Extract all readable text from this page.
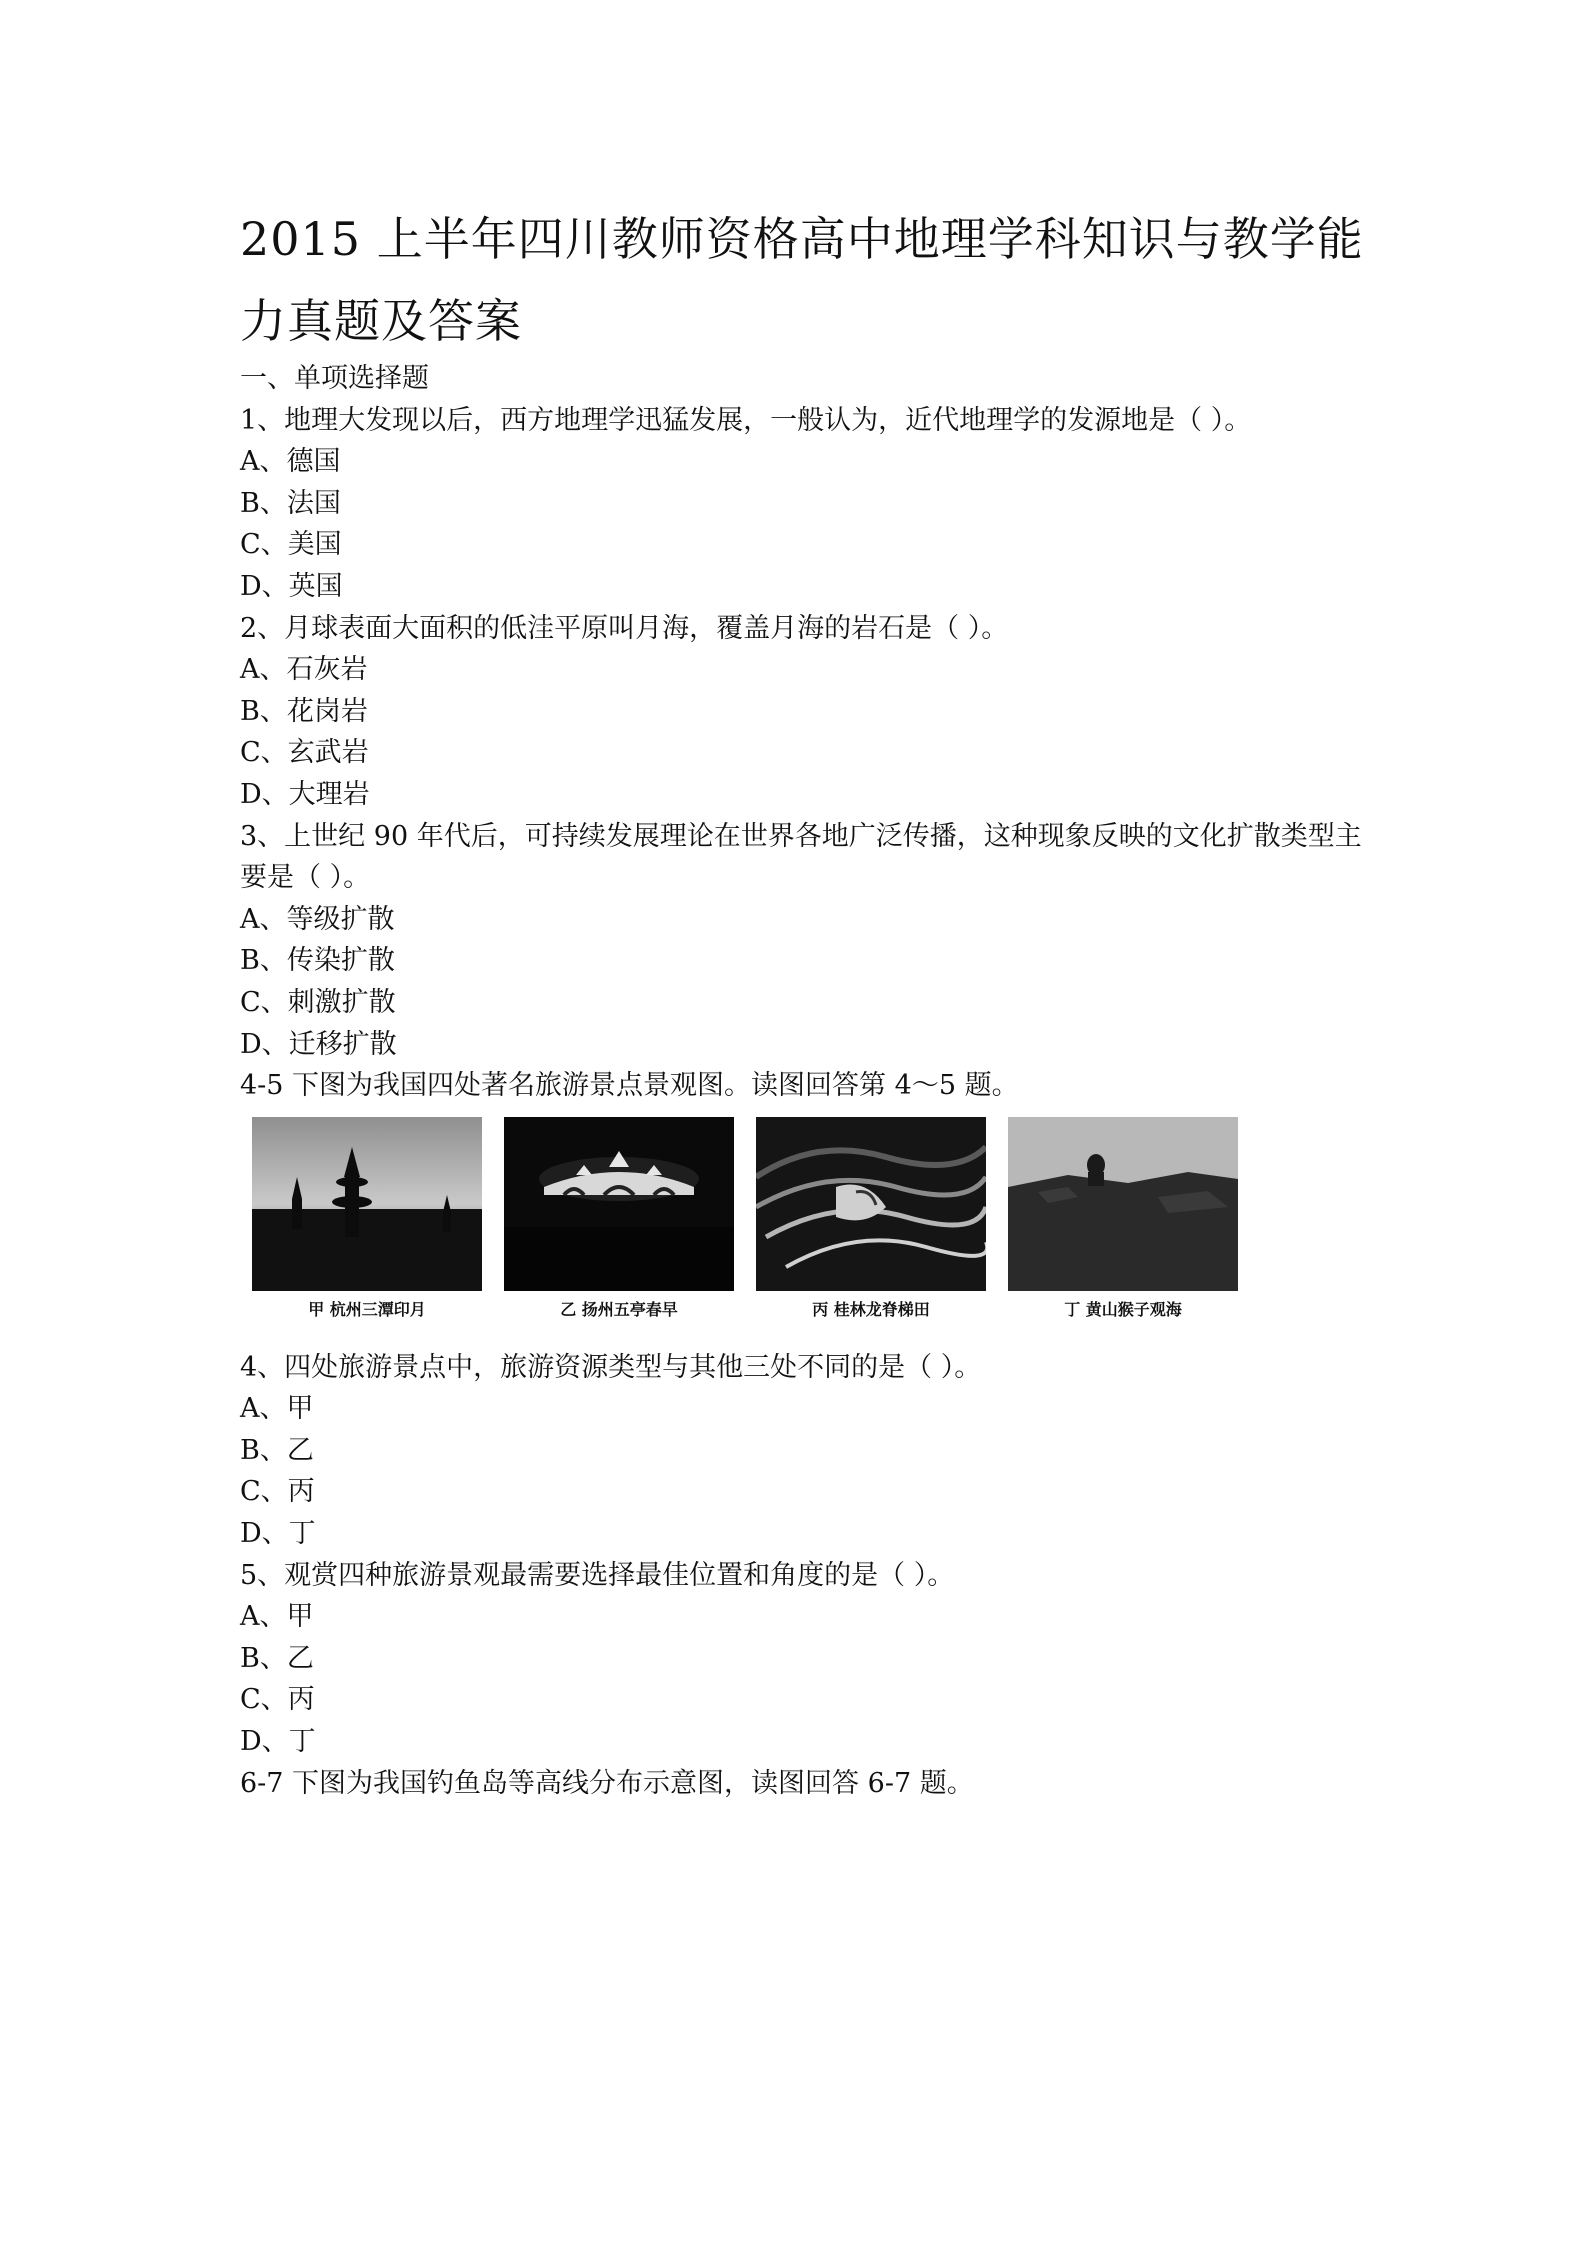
2015 上半年四川教师资格高中地理学科知识与教学能力真题及答案
一、单项选择题
1、地理大发现以后，西方地理学迅猛发展，一般认为，近代地理学的发源地是（ ）。
A、德国
B、法国
C、美国
D、英国
2、月球表面大面积的低洼平原叫月海，覆盖月海的岩石是（ ）。
A、石灰岩
B、花岗岩
C、玄武岩
D、大理岩
3、上世纪 90 年代后，可持续发展理论在世界各地广泛传播，这种现象反映的文化扩散类型主要是（ ）。
A、等级扩散
B、传染扩散
C、刺激扩散
D、迁移扩散
4-5 下图为我国四处著名旅游景点景观图。读图回答第 4～5 题。
甲 杭州三潭印月	乙 扬州五亭春早	丙 桂林龙脊梯田	丁 黄山猴子观海
4、四处旅游景点中，旅游资源类型与其他三处不同的是（ ）。
A、甲
B、乙
C、丙
D、丁
5、观赏四种旅游景观最需要选择最佳位置和角度的是（ ）。
A、甲
B、乙
C、丙
D、丁
6-7 下图为我国钓鱼岛等高线分布示意图，读图回答 6-7 题。
